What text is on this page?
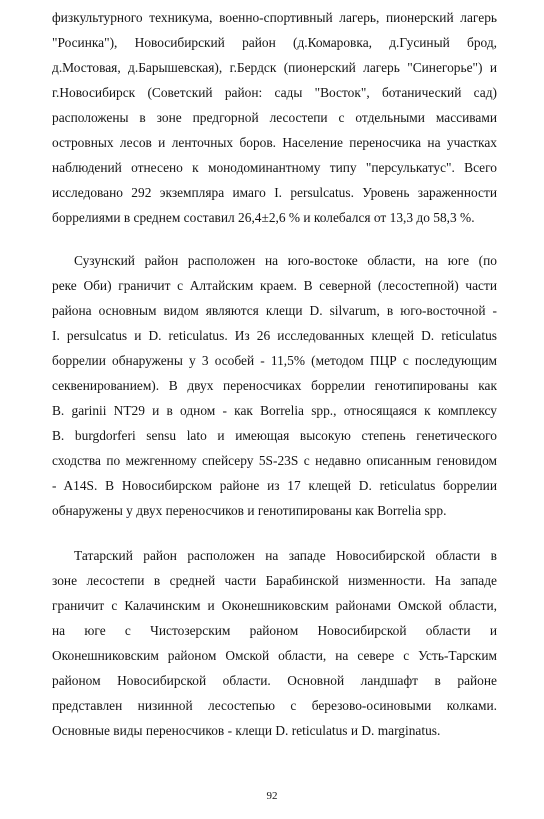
физкультурного техникума, военно-спортивный лагерь, пионерский лагерь
"Росинка"), Новосибирский район (д.Комаровка, д.Гусиный брод,
д.Мостовая, д.Барышевская), г.Бердск (пионерский лагерь "Синегорье") и
г.Новосибирск (Советский район: сады "Восток", ботанический сад)
расположены в зоне предгорной лесостепи с отдельными массивами
островных лесов и ленточных боров. Население переносчика на участках
наблюдений отнесено к монодоминантному типу "персулькатус". Всего
исследовано 292 экземпляра имаго I. persulcatus. Уровень зараженности
боррелиями в среднем составил 26,4±2,6 % и колебался от 13,3 до 58,3 %.
Сузунский район расположен на юго-востоке области, на юге (по
реке Оби) граничит с Алтайским краем. В северной (лесостепной) части
района основным видом являются клещи D. silvarum, в юго-восточной -
I. persulcatus и D. reticulatus. Из 26 исследованных клещей D. reticulatus
боррелии обнаружены у 3 особей - 11,5% (методом ПЦР с последующим
секвенированием). В двух переносчиках боррелии генотипированы как
B. garinii NT29 и в одном - как Borrelia spp., относящаяся к комплексу
B. burgdorferi sensu lato и имеющая высокую степень генетического
сходства по межгенному спейсеру 5S-23S с недавно описанным геновидом
- A14S. В Новосибирском районе из 17 клещей D. reticulatus боррелии
обнаружены у двух переносчиков и генотипированы как Borrelia spp.
Татарский район расположен на западе Новосибирской области в
зоне лесостепи в средней части Барабинской низменности. На западе
граничит с Калачинским и Оконешниковским районами Омской области,
на юге с Чистозерским районом Новосибирской области и
Оконешниковским районом Омской области, на севере с Усть-Тарским
районом Новосибирской области. Основной ландшафт в районе
представлен низинной лесостепью с березово-осиновыми колками.
Основные виды переносчиков - клещи D. reticulatus и D. marginatus.
92
